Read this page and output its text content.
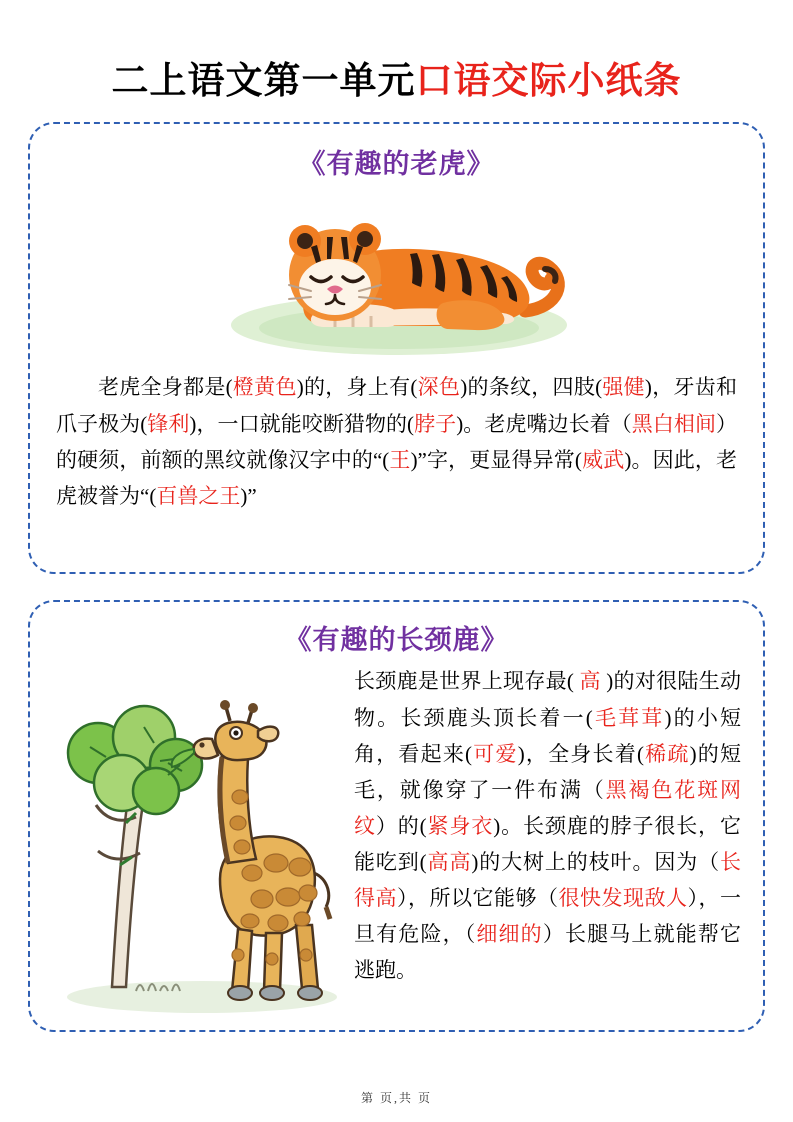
二上语文第一单元口语交际小纸条
《有趣的老虎》
老虎全身都是(橙黄色)的，身上有(深色)的条纹，四肢(强健)，牙齿和爪子极为(锋利)，一口就能咬断猎物的(脖子)。老虎嘴边长着（黑白相间）的硬须，前额的黑纹就像汉字中的“(王)”字，更显得异常(威武)。因此，老虎被誉为“(百兽之王)”
《有趣的长颈鹿》
长颈鹿是世界上现存最( 高 )的对很陆生动物。长颈鹿头顶长着一(毛茸茸)的小短角，看起来(可爱)，全身长着(稀疏)的短毛，就像穿了一件布满（黑褐色花斑网纹）的(紧身衣)。长颈鹿的脖子很长，它能吃到(高高)的大树上的枝叶。因为（长得高），所以它能够（很快发现敌人），一旦有危险，（细细的）长腿马上就能帮它逃跑。
第 页,共 页
